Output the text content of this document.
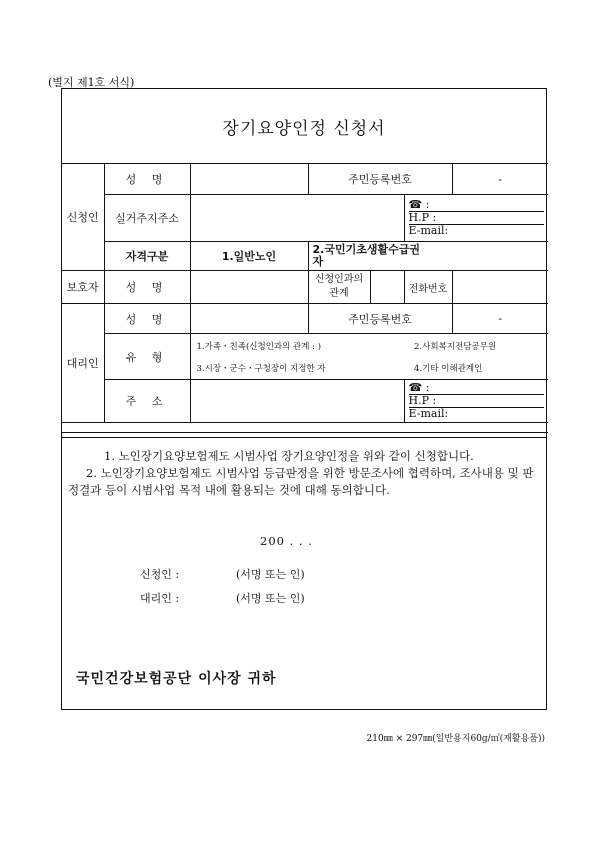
(별지 제1호 서식)
장기요양인정 신청서
신청인	성 명		주민등록번호			-
	실거주지주소				☎ :
H.P :
E-mail:	
	자격구분	1.일반노인	2.국민기초생활수급권자			
보호자	성 명		신청인과의 관계		전화번호	
대리인	성 명		주민등록번호			-
	유 형	1.가족・친족(신청인과의 관계 : ) 2.사회복지전담공무원
3.시장・군수・구청장이 지정한 자 4.기타 이해관계인				

	주 소				☎ :
H.P :
E-mail:	

1. 노인장기요양보험제도 시범사업 장기요양인정을 위와 같이 신청합니다.

2. 노인장기요양보험제도 시범사업 등급판정을 위한 방문조사에 협력하며, 조사내용 및 판정결과 등이 시범사업 목적 내에 활용되는 것에 대해 동의합니다.

200 . . .
신청인 :	(서명 또는 인)
대리인 :	(서명 또는 인)
국민건강보험공단 이사장 귀하
210㎜ × 297㎜(일반용지60g/㎡(재활용품))
